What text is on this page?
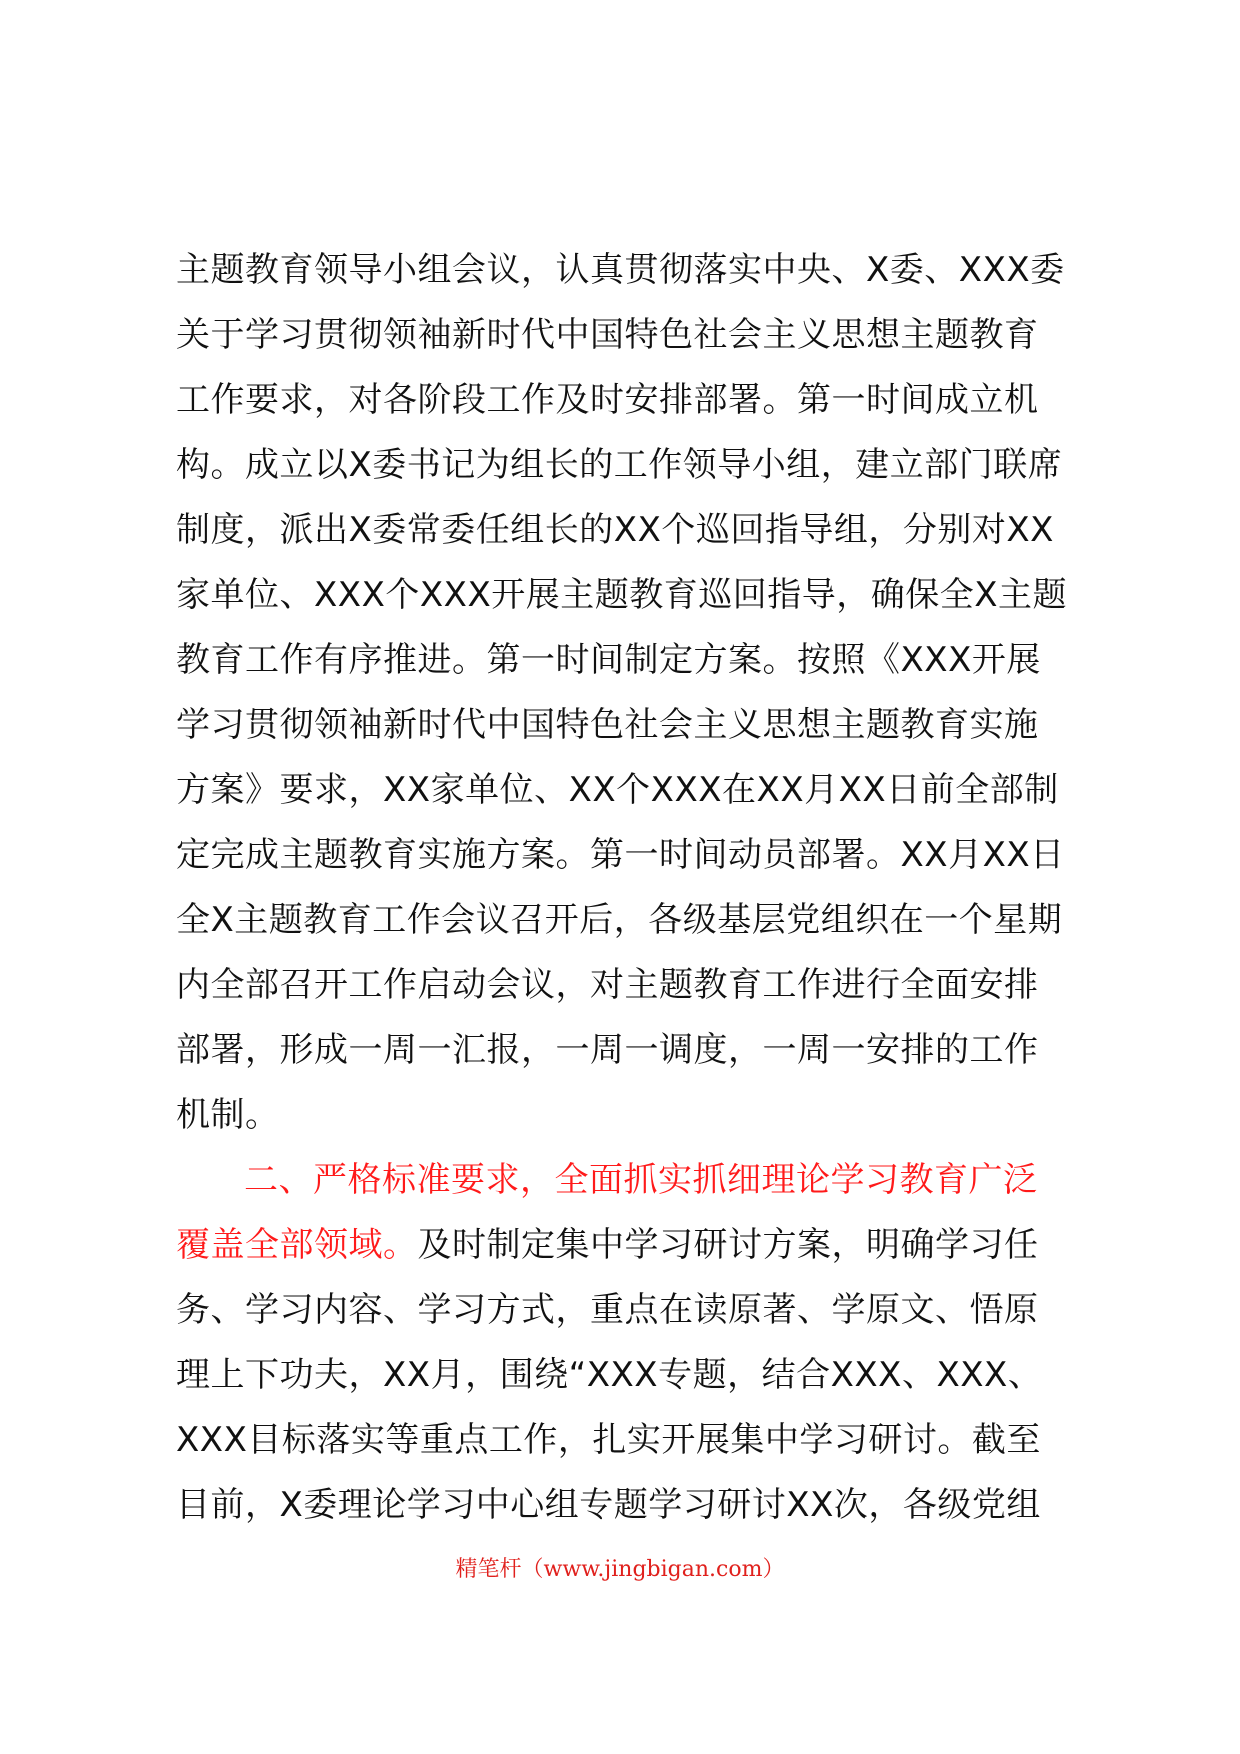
主题教育领导小组会议，认真贯彻落实中央、X委、XXX委
关于学习贯彻领袖新时代中国特色社会主义思想主题教育
工作要求，对各阶段工作及时安排部署。第一时间成立机
构。成立以X委书记为组长的工作领导小组，建立部门联席
制度，派出X委常委任组长的XX个巡回指导组，分别对XX
家单位、XXX个XXX开展主题教育巡回指导，确保全X主题
教育工作有序推进。第一时间制定方案。按照《XXX开展
学习贯彻领袖新时代中国特色社会主义思想主题教育实施
方案》要求，XX家单位、XX个XXX在XX月XX日前全部制
定完成主题教育实施方案。第一时间动员部署。XX月XX日
全X主题教育工作会议召开后，各级基层党组织在一个星期
内全部召开工作启动会议，对主题教育工作进行全面安排
部署，形成一周一汇报，一周一调度，一周一安排的工作
机制。
二、严格标准要求，全面抓实抓细理论学习教育广泛
覆盖全部领域。及时制定集中学习研讨方案，明确学习任
务、学习内容、学习方式，重点在读原著、学原文、悟原
理上下功夫，XX月，围绕“XXX专题，结合XXX、XXX、
XXX目标落实等重点工作，扎实开展集中学习研讨。截至
目前，X委理论学习中心组专题学习研讨XX次，各级党组
精笔杆（www.jingbigan.com）
